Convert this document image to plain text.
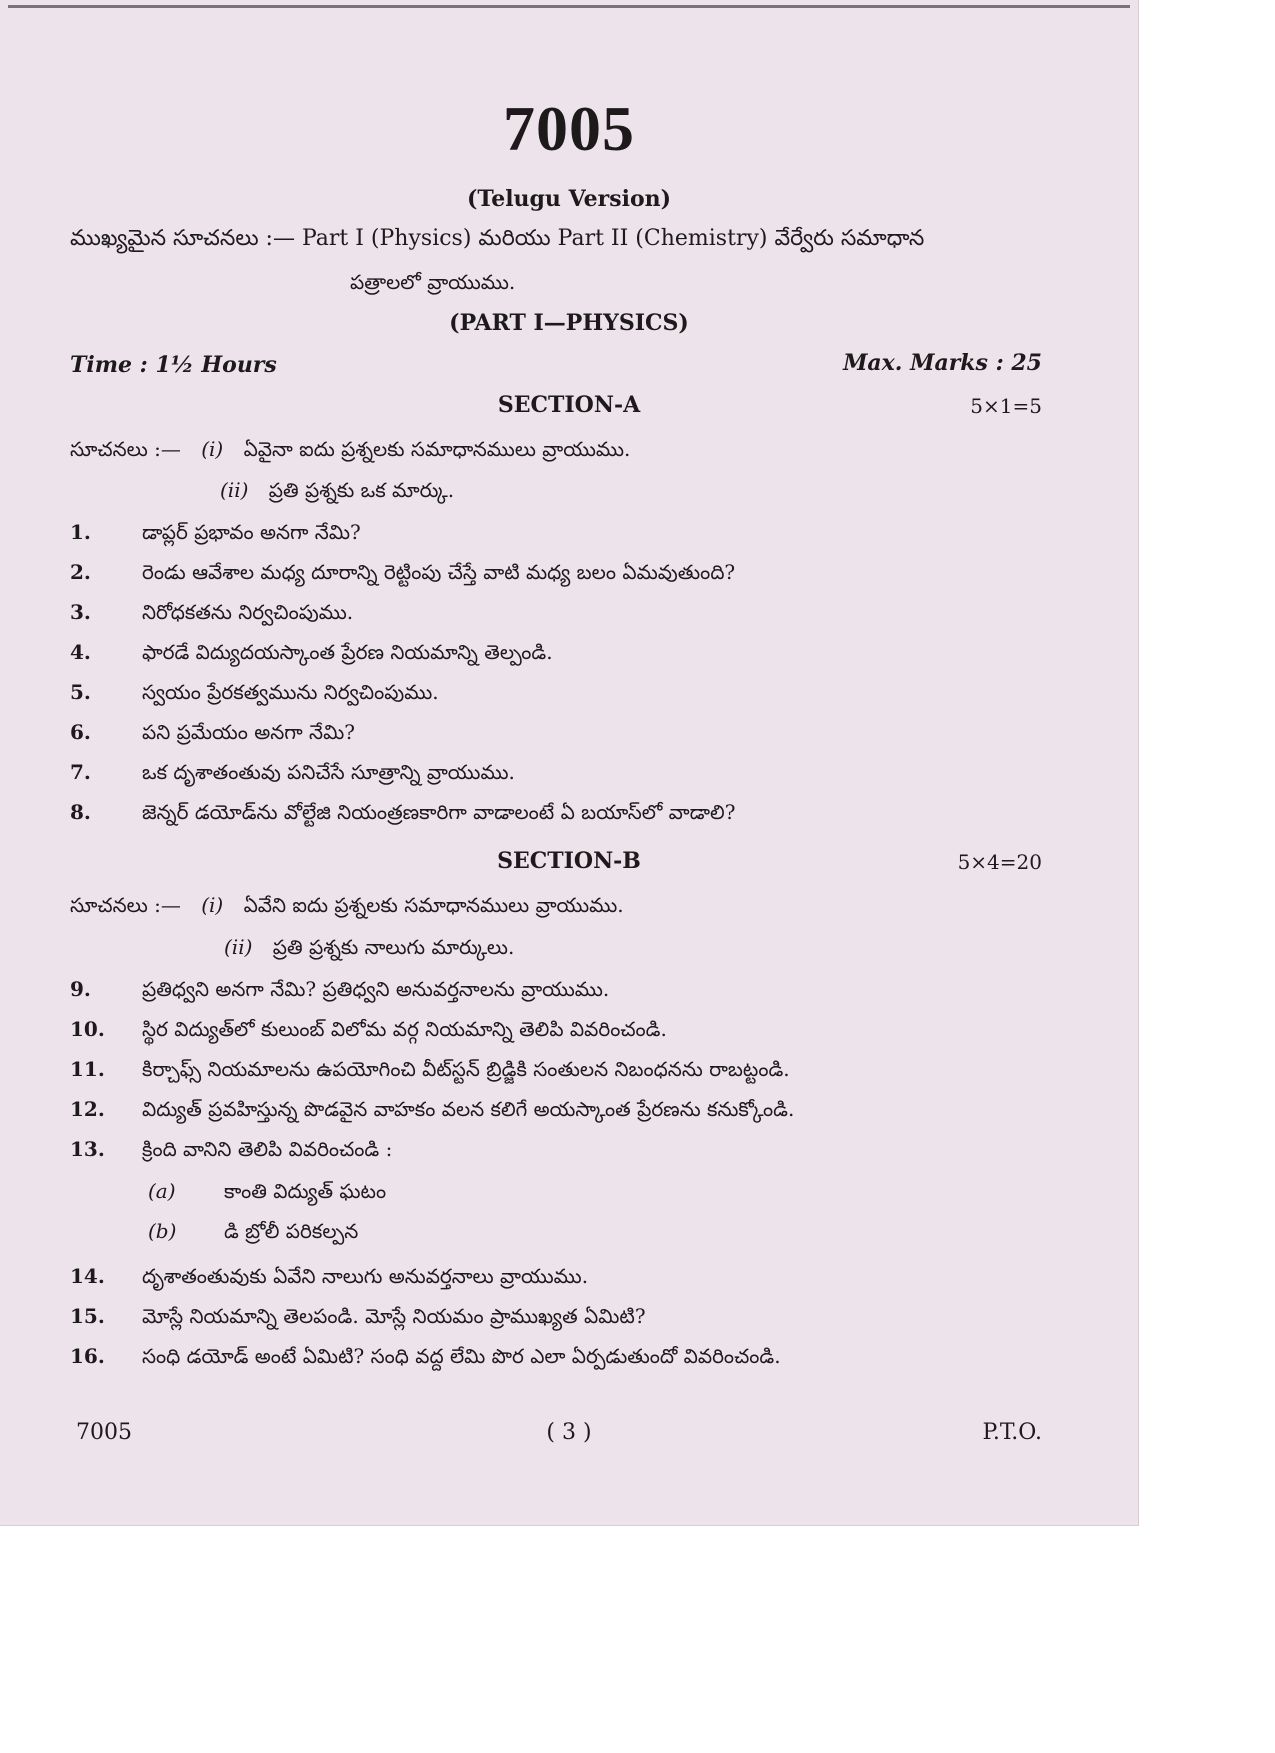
7005
(Telugu Version)
ముఖ్యమైన సూచనలు :— Part I (Physics) మరియు Part II (Chemistry) వేర్వేరు సమాధాన
పత్రాలలో వ్రాయుము.
(PART I—PHYSICS)
Time : 1½ Hours	Max. Marks : 25
SECTION-A	5×1=5
సూచనలు :— (i) ఏవైనా ఐదు ప్రశ్నలకు సమాధానములు వ్రాయుము.
(ii) ప్రతి ప్రశ్నకు ఒక మార్కు.
1.	డాప్లర్ ప్రభావం అనగా నేమి?
2.	రెండు ఆవేశాల మధ్య దూరాన్ని రెట్టింపు చేస్తే వాటి మధ్య బలం ఏమవుతుంది?
3.	నిరోధకతను నిర్వచింపుము.
4.	ఫారడే విద్యుదయస్కాంత ప్రేరణ నియమాన్ని తెల్పండి.
5.	స్వయం ప్రేరకత్వమును నిర్వచింపుము.
6.	పని ప్రమేయం అనగా నేమి?
7.	ఒక దృశాతంతువు పనిచేసే సూత్రాన్ని వ్రాయుము.
8.	జెన్నర్ డయోడ్‌ను వోల్టేజి నియంత్రణకారిగా వాడాలంటే ఏ బయాస్‌లో వాడాలి?
SECTION-B	5×4=20
సూచనలు :— (i) ఏవేని ఐదు ప్రశ్నలకు సమాధానములు వ్రాయుము.
(ii) ప్రతి ప్రశ్నకు నాలుగు మార్కులు.
9.	ప్రతిధ్వని అనగా నేమి? ప్రతిధ్వని అనువర్తనాలను వ్రాయుము.
10. స్థిర విద్యుత్‌లో కులుంబ్ విలోమ వర్గ నియమాన్ని తెలిపి వివరించండి.
11. కిర్చాఫ్స్ నియమాలను ఉపయోగించి వీట్‌స్టన్ బ్రిడ్జికి సంతులన నిబంధనను రాబట్టండి.
12. విద్యుత్ ప్రవహిస్తున్న పొడవైన వాహకం వలన కలిగే అయస్కాంత ప్రేరణను కనుక్కోండి.
13. క్రింది వానిని తెలిపి వివరించండి :
(a) కాంతి విద్యుత్ ఘటం
(b) డి బ్రోలీ పరికల్పన
14. దృశాతంతువుకు ఏవేని నాలుగు అనువర్తనాలు వ్రాయుము.
15. మోస్లే నియమాన్ని తెలపండి. మోస్లే నియమం ప్రాముఖ్యత ఏమిటి?
16. సంధి డయోడ్ అంటే ఏమిటి? సంధి వద్ద లేమి పొర ఎలా ఏర్పడుతుందో వివరించండి.
7005	( 3 )	P.T.O.
